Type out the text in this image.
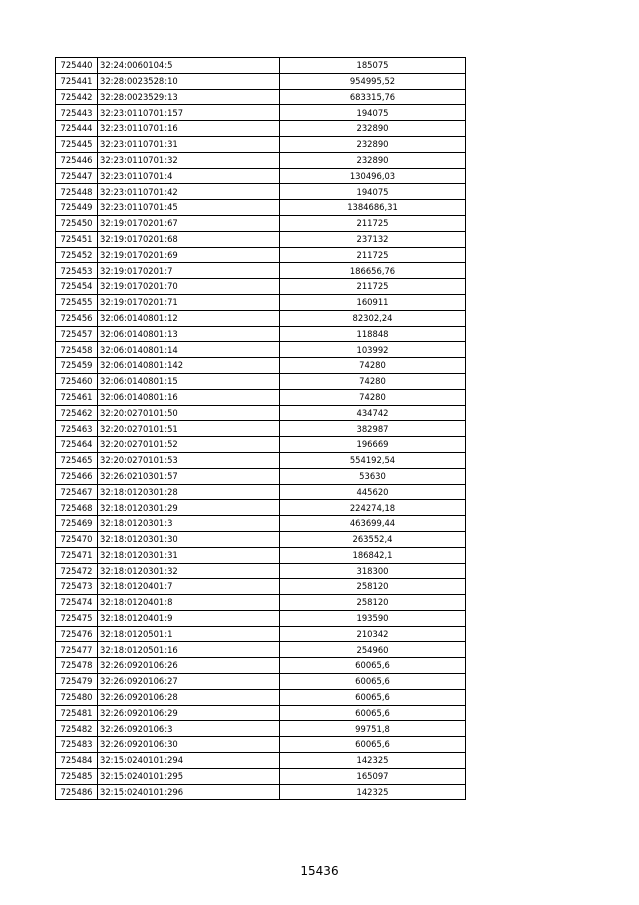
725440	32:24:0060104:5	185075
725441	32:28:0023528:10	954995,52
725442	32:28:0023529:13	683315,76
725443	32:23:0110701:157	194075
725444	32:23:0110701:16	232890
725445	32:23:0110701:31	232890
725446	32:23:0110701:32	232890
725447	32:23:0110701:4	130496,03
725448	32:23:0110701:42	194075
725449	32:23:0110701:45	1384686,31
725450	32:19:0170201:67	211725
725451	32:19:0170201:68	237132
725452	32:19:0170201:69	211725
725453	32:19:0170201:7	186656,76
725454	32:19:0170201:70	211725
725455	32:19:0170201:71	160911
725456	32:06:0140801:12	82302,24
725457	32:06:0140801:13	118848
725458	32:06:0140801:14	103992
725459	32:06:0140801:142	74280
725460	32:06:0140801:15	74280
725461	32:06:0140801:16	74280
725462	32:20:0270101:50	434742
725463	32:20:0270101:51	382987
725464	32:20:0270101:52	196669
725465	32:20:0270101:53	554192,54
725466	32:26:0210301:57	53630
725467	32:18:0120301:28	445620
725468	32:18:0120301:29	224274,18
725469	32:18:0120301:3	463699,44
725470	32:18:0120301:30	263552,4
725471	32:18:0120301:31	186842,1
725472	32:18:0120301:32	318300
725473	32:18:0120401:7	258120
725474	32:18:0120401:8	258120
725475	32:18:0120401:9	193590
725476	32:18:0120501:1	210342
725477	32:18:0120501:16	254960
725478	32:26:0920106:26	60065,6
725479	32:26:0920106:27	60065,6
725480	32:26:0920106:28	60065,6
725481	32:26:0920106:29	60065,6
725482	32:26:0920106:3	99751,8
725483	32:26:0920106:30	60065,6
725484	32:15:0240101:294	142325
725485	32:15:0240101:295	165097
725486	32:15:0240101:296	142325
15436
